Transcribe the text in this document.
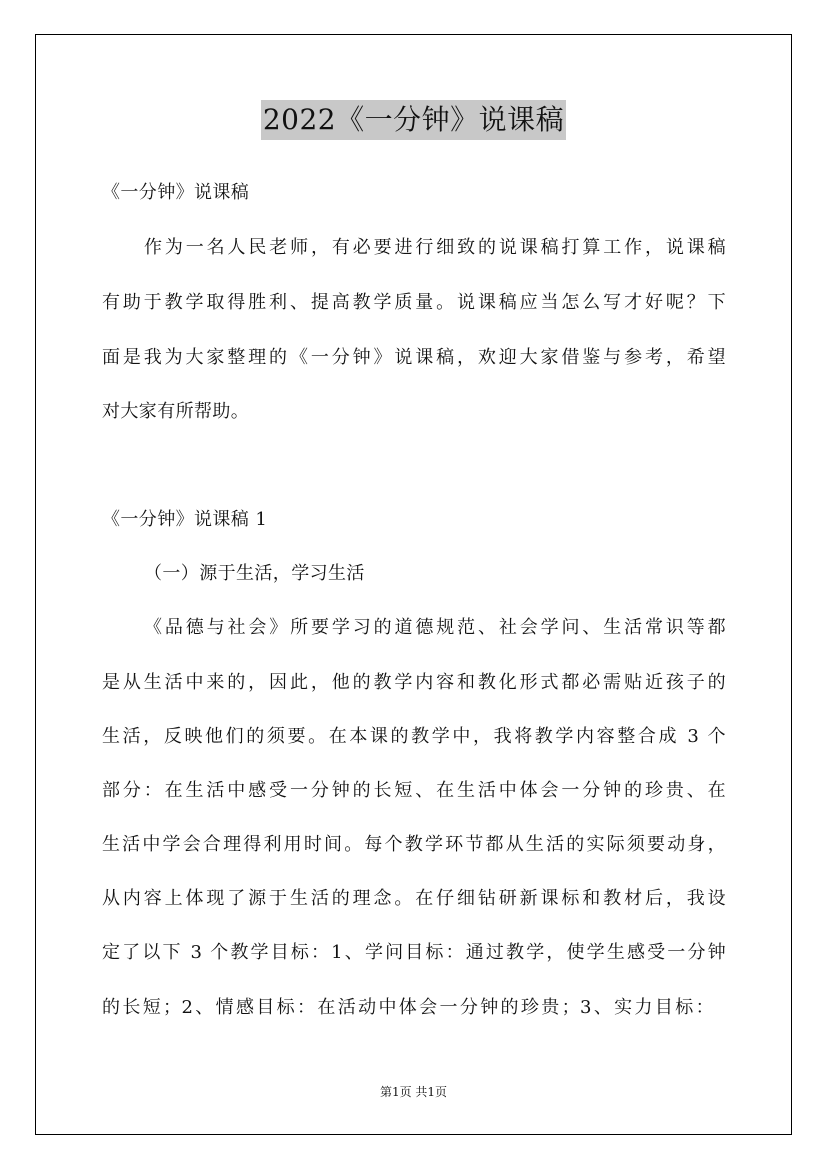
2022《一分钟》说课稿
《一分钟》说课稿
作为一名人民老师，有必要进行细致的说课稿打算工作，说课稿
有助于教学取得胜利、提高教学质量。说课稿应当怎么写才好呢？下
面是我为大家整理的《一分钟》说课稿，欢迎大家借鉴与参考，希望
对大家有所帮助。
《一分钟》说课稿 1
（一）源于生活，学习生活
《品德与社会》所要学习的道德规范、社会学问、生活常识等都
是从生活中来的，因此，他的教学内容和教化形式都必需贴近孩子的
生活，反映他们的须要。在本课的教学中，我将教学内容整合成 3 个
部分：在生活中感受一分钟的长短、在生活中体会一分钟的珍贵、在
生活中学会合理得利用时间。每个教学环节都从生活的实际须要动身，
从内容上体现了源于生活的理念。在仔细钻研新课标和教材后，我设
定了以下 3 个教学目标：1、学问目标：通过教学，使学生感受一分钟
的长短；2、情感目标：在活动中体会一分钟的珍贵；3、实力目标：
第1页 共1页
